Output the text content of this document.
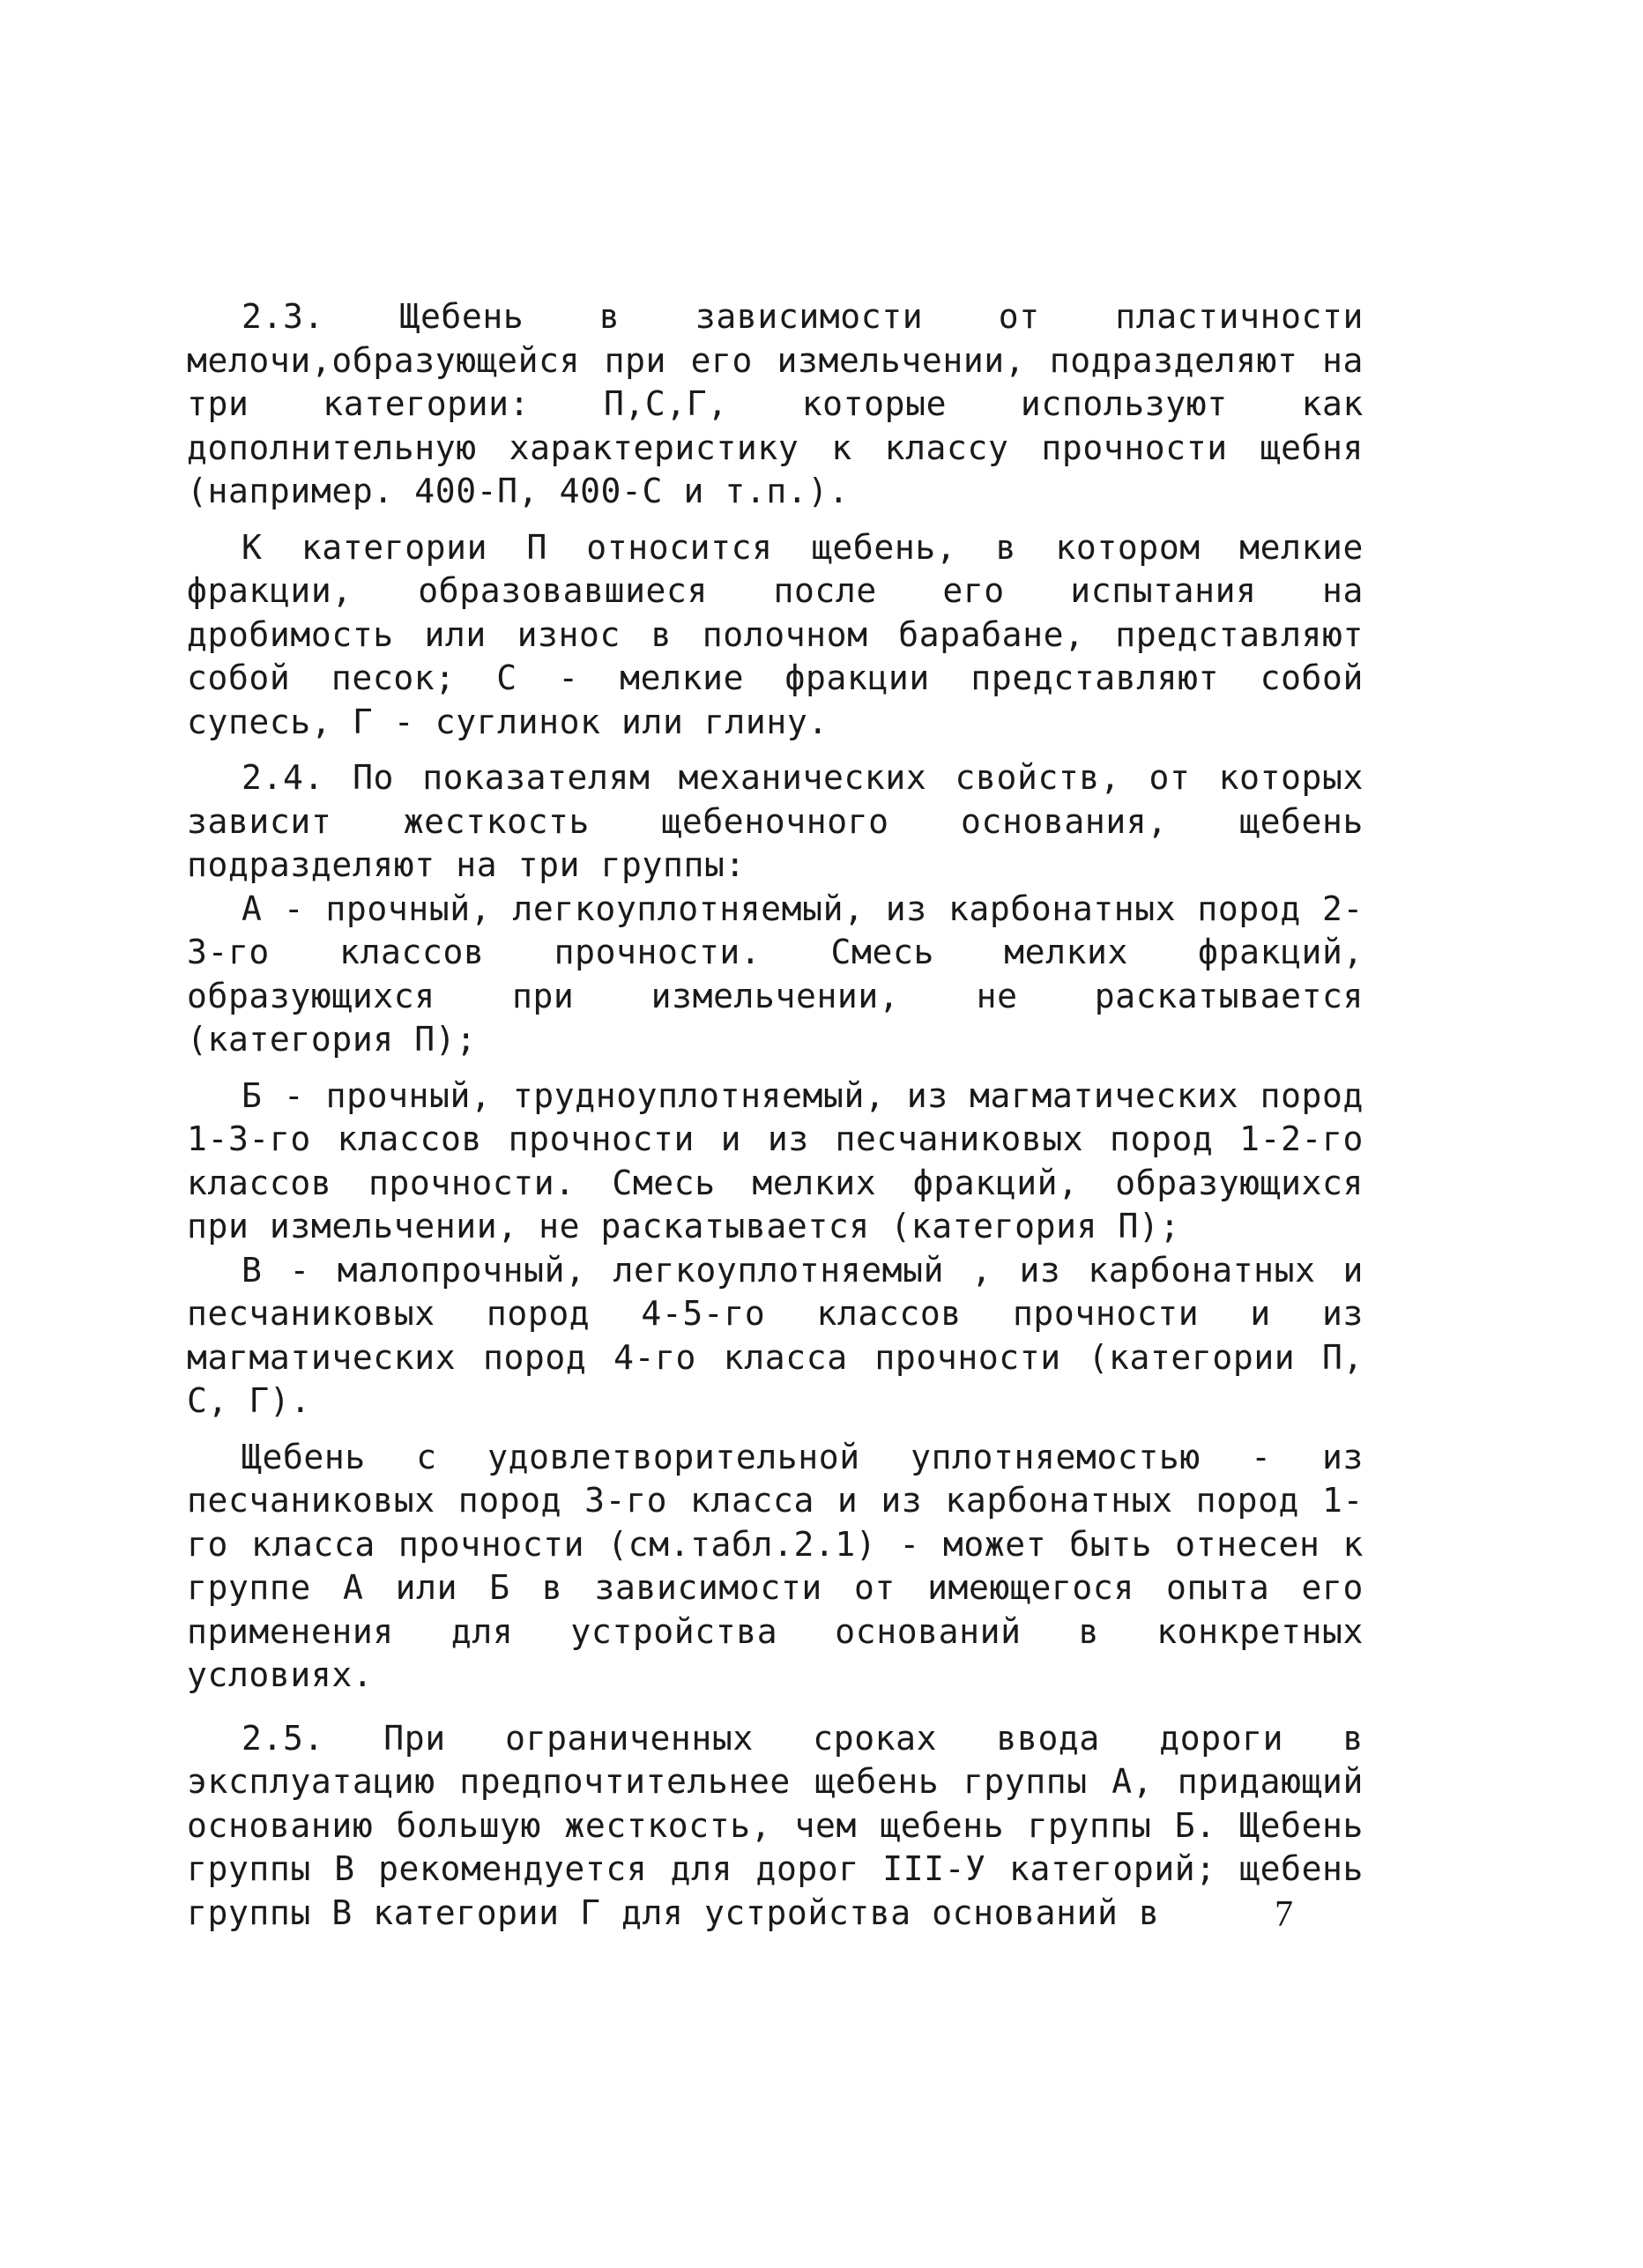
2.3. Щебень в зависимости от пластичности мелочи,образующейся при его измельчении, подразделяют на три категории: П,С,Г, которые используют как дополнительную характеристику к классу прочности щебня (например. 400-П, 400-С и т.п.).

К категории П относится щебень, в котором мелкие фракции, образовавшиеся после его испытания на дробимость или износ в полочном барабане, представляют собой песок; С - мелкие фракции представляют собой супесь, Г - суглинок или глину.

2.4. По показателям механических свойств, от которых зависит жесткость щебеночного основания, щебень подразделяют на три группы:

А - прочный, легкоуплотняемый, из карбонатных пород 2-3-го классов прочности. Смесь мелких фракций, образующихся при измельчении, не раскатывается (категория П);

Б - прочный, трудноуплотняемый, из магматических пород 1-3-го классов прочности и из песчаниковых пород 1-2-го классов прочности. Смесь мелких фракций, образующихся при измельчении, не раскатывается (категория П);

В - малопрочный, легкоуплотняемый , из карбонатных и песчаниковых пород 4-5-го классов прочности и из магматических пород 4-го класса прочности (категории П, С, Г).

Щебень с удовлетворительной уплотняемостью - из песчаниковых пород 3-го класса и из карбонатных пород 1-го класса прочности (см.табл.2.1) - может быть отнесен к группе А или Б в зависимости от имеющегося опыта его применения для устройства оснований в конкретных условиях.

2.5. При ограниченных сроках ввода дороги в эксплуатацию предпочтительнее щебень группы А, придающий основанию большую жесткость, чем щебень группы Б. Щебень группы В рекомендуется для дорог III-У категорий; щебень группы В категории Г для устройства оснований в	7
